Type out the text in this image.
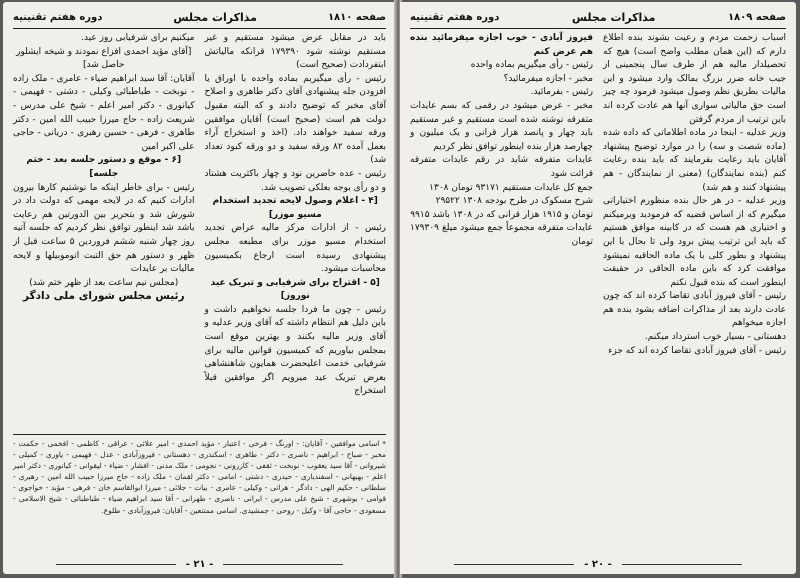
صفحه ۱۸۱۰
مذاکرات مجلس
دوره هفتم تقنینیه

باید در مقابل عرض میشود مستقیم و غیر مستقیم نوشته شود ۱۷۹۳۹۰ قرانکه مالیاتش ابتفردادت (صحیح است)

رئیس - رأی میگیریم بماده واحده با اوراق یا افزودن جله پیشنهادی آقای دکتر طاهری و اصلاح آقای مخبر که توضیح دادند و که البته مقبول دولت هم است (صحیح است) آقایان موافقین ورقه سفید خواهند داد. (اخذ و استخراج آراء بعمل آمده ۸۲ ورقه سفید و دو ورقه کبود تعداد شد)

رئیس - عده حاضرین نود و چهار باکثریت هشتاد و دو رأی بوجه بعلکی تصویب شد.

[۴ - اعلام وصول لایحه تجدید استخدام مسیو موزر]

رئیس - از ادارات مرکز مالیه عراض تجدید استخدام مسیو موزر برای مطبعه مجلس پیشنهادی رسیده است ارجاع بکمیسیون محاسبات میشود.

[۵ - اقتراح برای شرفیابی و تبریک عید نوروز]

رئیس - چون ما فردا جلسه نخواهیم داشت و باین دلیل هم انتظام داشته که آقای وزیر عدلیه و آقای وزیر مالیه بکنند و بهترین موقع است بمجلس بیاوریم که کمیسیون قوانین مالیه برای شرفیابی خدمت اعلیحضرت همایون شاهنشاهی بعرض تبریک عید میرویم اگر موافقین قبلاً استخراج

میکنیم برای شرفیابی روز عید.

[آقای مؤید احمدی افزاع نمودند و شیخه ایشلور حاصل شد]

آقایان: آقا سید ابراهیم ضیاء - عامری - ملک زاده - نوبخت - طباطبائی وکیلی - دشتی - فهیمی - کیانوری - دکتر امیر اعلم - شیخ علی مدرس - شریعت زاده - حاج میرزا حبیب الله امین - دکتر طاهری - فرهی - حسین رهبری - دریانی - حاجی علی اکبر امین

[۶ - موقع و دستور جلسه بعد - ختم جلسه]

رئیس - برای خاطر اینکه ما نوشتیم کارها بیرون ادارات کنیم که در لایحه مهمی که دولت داد در شورش شد و بتحریر بین الدورتین هم رعایت باشد شد اینطور توافق نظر کردیم که جلسه آتیه روز چهار شنبه ششم فروردین ۵ ساعت قبل از ظهر و دستور هم حق التبت اتوموبیلها و لایحه مالیات بر عایدات

(مجلس نیم ساعت بعد از ظهر ختم شد)

رئیس مجلس شورای ملی دادگر

* اسامی موافقین - آقایان: - اورنگ - فرخی - اعتبار - مؤید احمدی - امیر علائی - عراقی - کاظمی - افخمی - حکمت - مخبر - صباح - ابراهیم - ناصری - دکتر - طاهری - اسکندری - دهستانی - فیروزآبادی - عدل - فهیمی - یاوری - کمیلی - شیروانی - آقا سید یعقوب - نوبخت - ثقفی - کازرونی - نجومی - ملک مدنی - افشار - ضیاء - لیقوانی - کیانوری - دکتر امیر اعلم - بهبهانی - اسفندیاری - حیدری - دشتی - امامی - دکتر لقمان - ملک زاده - حاج میرزا حبیب الله امین - رهبری - سلطانی - حکیم الهی - دادگر - هراتی - وکیلی - عامری - بیات - جلائی - میرزا ابوالقاسم خان - فرهی - مؤید - خواجوی - قوامی - بوشهری - شیخ علی مدرس - ایرانی - ناصری - طهرانی - آقا سید ابراهیم ضیاء - طباطبائی - شیخ الاسلامی - مسعودی - حاجی آقا - وکیل - روحی - جمشیدی. اسامی ممتنعین - آقایان: فیروزآبادی - طلوع.
- ۲۱ -
صفحه ۱۸۰۹
مذاکرات مجلس
دوره هفتم تقنینیه

اسباب زحمت مردم و رعیت بشوند بنده اطلاع دارم که (این همان مطلب واضح است) هیچ که تحصیلدار مالیه هم از طرف سال پنجمینی از جیب خانه ضرر بزرگ بمالک وارد میشود و این مالیات بطریق نظم وصول میشود فرمود چه چیز است حق مالیاتی سواری آنها هم عادت کرده اند باین ترتیب از مردم گرفتن

وزیر عدلیه - اینجا در ماده اطلاماتی که داده شده (ماده شصت و سه) را در موارد توضیح پیشنهاد آقایان باید رعایت بفرمایند که باید بنده رعایت کنم (بنده نمایندگان) (معنی از نمایندگان - هم پیشنهاد کنند و هم شد)

وزیر عدلیه - در هر حال بنده منظورم اختیاراتی میگیرم که از اساس قضیه که فرمودید ویرمیکنم و اختیاری هم هست که در کابینه موافق هستیم که باید این ترتیب پیش برود ولی تا بحال با این پیشنهاد و بطور کلی با یک ماده الحاقیه نمیشود موافقت کرد که باین ماده الحاقی در حقیقت اینطور است که بنده قبول نکنم

رئیس - آقای فیروز آبادی تقاضا کرده اند که چون عادت دارند بعد از مذاکرات اضافه بشود بنده هم اجازه میخواهم

دهستانی - بسیار خوب استرداد میکنم.

رئیس - آقای فیروز آبادی تقاضا کرده اند که جزء

فیروز آبادی - خوب اجازه میفرمائید بنده هم عرض کنم

رئیس - رأی میگیریم بماده واحده

مخبر - اجازه میفرمائید؟

رئیس - بفرمائید.

مخبر - عرض میشود در رقمی که بسم عایدات متفرقه نوشته شده است مستقیم و غیر مستقیم باید چهار و پانصد هزار قرانی و یک میلیون و چهارصد هزار بنده اینطور توافق نظر کردیم

عایدات متفرقه شاید در رقم عایدات متفرقه قرائت شود

جمع کل عایدات مستقیم ۹۳۱۷۱ تومان ۱۳۰۸

شرح مسکوک در طرح بودجه ۱۳۰۸ ۲۹۵۲۲

تومان و ۱۹۱۵ هزار قرانی که در ۱۳۰۸ باشد ۹۹۱۵

عایدات متفرقه مجموعاً جمع میشود میلغ ۱۷۹۳۰۹ تومان

- ۲۰ -
